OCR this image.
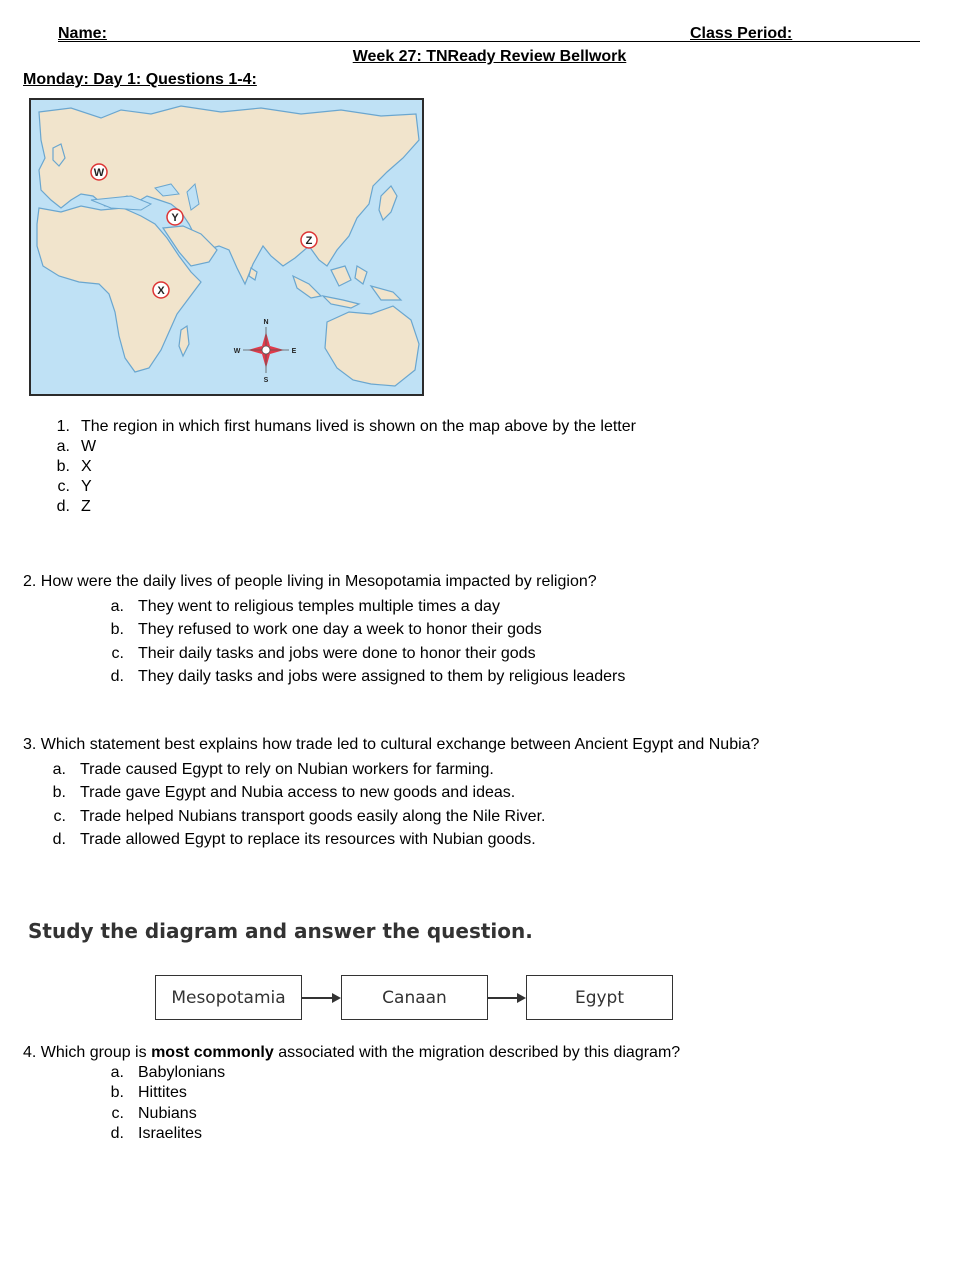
Name:	Class Period:
Week 27: TNReady Review Bellwork
Monday: Day 1: Questions 1-4:
W
Y
Z
X
N
S
E
W
1. The region in which first humans lived is shown on the map above by the letter
a. W
b. X
c. Y
d. Z
2. How were the daily lives of people living in Mesopotamia impacted by religion?
a. They went to religious temples multiple times a day
b. They refused to work one day a week to honor their gods
c. Their daily tasks and jobs were done to honor their gods
d. They daily tasks and jobs were assigned to them by religious leaders
3. Which statement best explains how trade led to cultural exchange between Ancient Egypt and Nubia?
a. Trade caused Egypt to rely on Nubian workers for farming.
b. Trade gave Egypt and Nubia access to new goods and ideas.
c. Trade helped Nubians transport goods easily along the Nile River.
d. Trade allowed Egypt to replace its resources with Nubian goods.
Study the diagram and answer the question.
Mesopotamia	Canaan	Egypt
4. Which group is most commonly associated with the migration described by this diagram?
a. Babylonians
b. Hittites
c. Nubians
d. Israelites
